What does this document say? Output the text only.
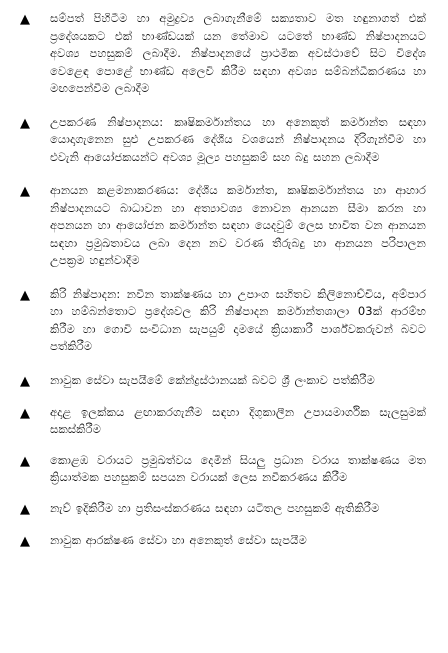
▲	සම්පත් පිහිටීම හා අමුද්‍රව්‍ය ලබාගැනීමේ සක්‍යතාව මත හඳුනාගත් එක් ප්‍රදේශයකට එක් භාණ්ඩයක් යන තේමාව යටතේ භාණ්ඩ නිෂ්පාදනයට අවශ්‍ය පහසුකම් ලබාදීම. නිෂ්පාදනයේ ප්‍රාථමික අවස්ථාවේ සිට විදේශ වෙළෙඳ පොළේ භාණ්ඩ අලෙවි කිරීම සඳහා අවශ්‍ය සම්බන්ධීකරණය හා මඟපෙන්වීම ලබාදීම
▲	උපකරණ නිෂ්පාදනය: කෘෂිකර්මාන්තය හා අනෙකුත් කර්මාන්ත සඳහා යොදාගැනෙන සුළු උපකරණ දේශීය වශයෙන් නිෂ්පාදනය දිරිගැන්වීම හා එවැනි ආයෝජකයන්ට අවශ්‍ය මූල්‍ය පහසුකම් සහ බදු සහන ලබාදීම
▲	ආනයන කළමනාකරණය: දේශීය කර්මාන්ත, කෘෂිකර්මාන්තය හා ආහාර නිෂ්පාදනයට බාධාවන හා අත්‍යාවශ්‍ය නොවන ආනයන සීමා කරන හා අපනයන හා ආයෝජන කර්මාන්ත සඳහා යෙදවුම් ලෙස භාවිත වන ආනයන සඳහා ප්‍රමුඛතාවය ලබා දෙන නව වරණ තීරුබදු හා ආනයන පරිපාලන උපක්‍රම හඳුන්වාදීම
▲	කිරි නිෂ්පාදන: නවීන තාක්ෂණය හා උපාංග සහිතව කිලිනොච්චිය, අම්පාර හා හම්බන්තොට ප්‍රදේශවල කිරි නිෂ්පාදන කර්මාන්තශාලා 03ක් ආරම්භ කිරීම හා ගොවි සංවිධාන සැපයුම් දාමයේ ක්‍රියාකාරී පාර්ශ්වකරුවන් බවට පත්කිරීම
▲	නාවුක සේවා සැපයීමේ කේන්ද්‍රස්ථානයක් බවට ශ්‍රී ලංකාව පත්කිරීම
▲	අදාළ ඉලක්කය ළඟාකරගැනීම සඳහා දිගුකාලීන උපායමාර්ගික සැලසුමක් සකස්කිරීම
▲	කොළඹ වරායට ප්‍රමුඛත්වය දෙමින් සියලු ප්‍රධාන වරාය තාක්ෂණය මත ක්‍රියාත්මක පහසුකම් සපයන වරායක් ලෙස නවීකරණය කිරීම
▲	නැව් ඉදිකිරීම හා ප්‍රතිසංස්කරණය සඳහා යටිතල පහසුකම් ඇතිකිරීම
▲	නාවුක ආරක්ෂණ සේවා හා අනෙකුත් සේවා සැපයීම
